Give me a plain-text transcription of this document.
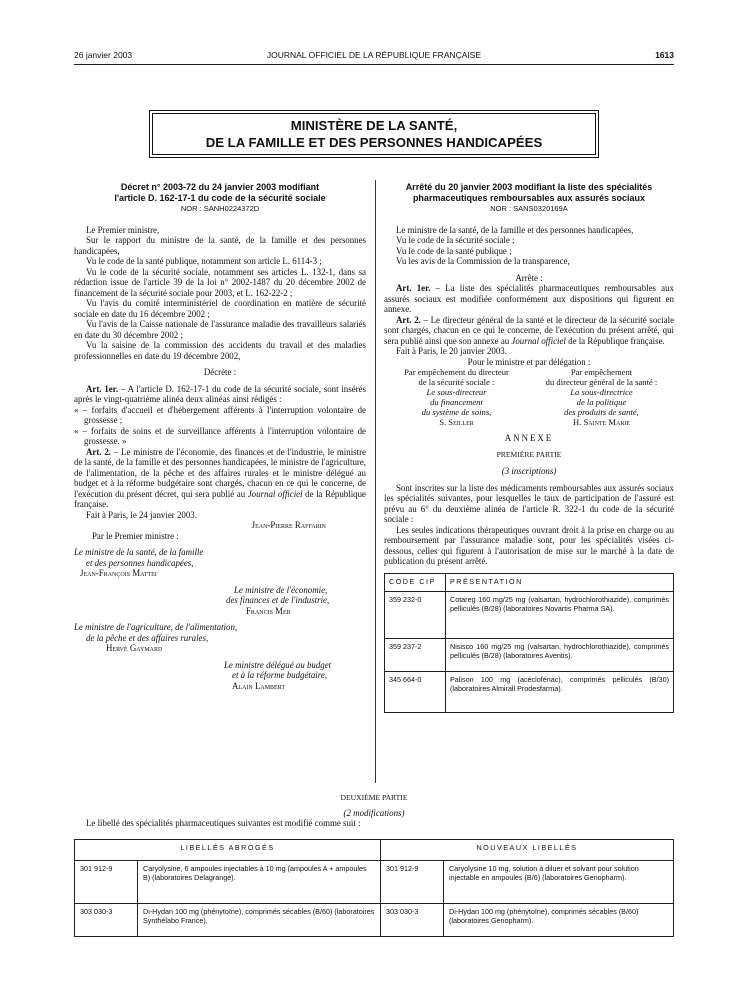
26 janvier 2003	JOURNAL OFFICIEL DE LA RÉPUBLIQUE FRANÇAISE	1613
MINISTÈRE DE LA SANTÉ,
DE LA FAMILLE ET DES PERSONNES HANDICAPÉES
Décret n° 2003-72 du 24 janvier 2003 modifiant
l'article D. 162-17-1 du code de la sécurité sociale
NOR : SANH0224372D

Le Premier ministre,

Sur le rapport du ministre de la santé, de la famille et des personnes handicapées,

Vu le code de la santé publique, notamment son article L. 6114-3 ;

Vu le code de la sécurité sociale, notamment ses articles L. 132-1, dans sa rédaction issue de l'article 39 de la loi n° 2002-1487 du 20 décembre 2002 de financement de la sécurité sociale pour 2003, et L. 162-22-2 ;

Vu l'avis du comité interministériel de coordination en matière de sécurité sociale en date du 16 décembre 2002 ;

Vu l'avis de la Caisse nationale de l'assurance maladie des travailleurs salariés en date du 30 décembre 2002 ;

Vu la saisine de la commission des accidents du travail et des maladies professionnelles en date du 19 décembre 2002,

Décrète :

Art. 1er. – A l'article D. 162-17-1 du code de la sécurité sociale, sont insérés après le vingt-quatrième alinéa deux alinéas ainsi rédigés :

« – forfaits d'accueil et d'hébergement afférents à l'interruption volontaire de grossesse ;

« – forfaits de soins et de surveillance afférents à l'interruption volontaire de grossesse. »

Art. 2. – Le ministre de l'économie, des finances et de l'industrie, le ministre de la santé, de la famille et des personnes handicapées, le ministre de l'agriculture, de l'alimentation, de la pêche et des affaires rurales et le ministre délégué au budget et à la réforme budgétaire sont chargés, chacun en ce qui le concerne, de l'exécution du présent décret, qui sera publié au Journal officiel de la République française.

Fait à Paris, le 24 janvier 2003.

Jean-Pierre Raffarin

Par le Premier ministre :

Le ministre de la santé, de la famille
et des personnes handicapées,
Jean-François Mattei
Le ministre de l'économie,
des finances et de l'industrie,
Francis Mer
Le ministre de l'agriculture, de l'alimentation,
de la pêche et des affaires rurales,
Hervé Gaymard
Le ministre délégué au budget
et à la réforme budgétaire,
Alain Lambert
Arrêté du 20 janvier 2003 modifiant la liste des spécialités
pharmaceutiques remboursables aux assurés sociaux
NOR : SANS0320169A

Le ministre de la santé, de la famille et des personnes handicapées,

Vu le code de la sécurité sociale ;

Vu le code de la santé publique ;

Vu les avis de la Commission de la transparence,

Arrête :

Art. 1er. – La liste des spécialités pharmaceutiques remboursables aux assurés sociaux est modifiée conformément aux dispositions qui figurent en annexe.

Art. 2. – Le directeur général de la santé et le directeur de la sécurité sociale sont chargés, chacun en ce qui le concerne, de l'exécution du présent arrêté, qui sera publié ainsi que son annexe au Journal officiel de la République française.

Fait à Paris, le 20 janvier 2003.

Pour le ministre et par délégation :

Par empêchement du directeur
de la sécurité sociale :
Le sous-directeur
du financement
du système de soins,
S. Seiller
Par empêchement
du directeur général de la santé :
La sous-directrice
de la politique
des produits de santé,
H. Sainte Marie

ANNEXE

PREMIÈRE PARTIE

(3 inscriptions)

Sont inscrites sur la liste des médicaments remboursables aux assurés sociaux les spécialités suivantes, pour lesquelles le taux de participation de l'assuré est prévu au 6° du deuxième alinéa de l'article R. 322-1 du code de la sécurité sociale :

Les seules indications thérapeutiques ouvrant droit à la prise en charge ou au remboursement par l'assurance maladie sont, pour les spécialités visées ci-dessous, celles qui figurent à l'autorisation de mise sur le marché à la date de publication du présent arrêté.

CODE CIP	PRÉSENTATION
359 232-0	Cotareg 160 mg/25 mg (valsartan, hydrochlorothiazide), comprimés pelliculés (B/28) (laboratoires Novartis Pharma SA).
359 237-2	Nisisco 160 mg/25 mg (valsartan, hydrochlorothiazide), comprimés pelliculés (B/28) (laboratoires Aventis).
345 664-0	Palison 100 mg (acéclofénac), comprimés pelliculés (B/30) (laboratoires Almirall Prodesfarma).

DEUXIÈME PARTIE

(2 modifications)

Le libellé des spécialités pharmaceutiques suivantes est modifié comme suit :

LIBELLÉS ABROGÉS		NOUVEAUX LIBELLÉS	
301 912-9	Caryolysine, 6 ampoules injectables à 10 mg (ampoules A + ampoules B) (laboratoires Delagrange).	301 912-9	Caryolysine 10 mg, solution à diluer et solvant pour solution injectable en ampoules (B/6) (laboratoires Genopharm).
303 030-3	Di-Hydan 100 mg (phénytoïne), comprimés sécables (B/60) (laboratoires Synthélabo France).	303 030-3	Di-Hydan 100 mg (phénytoïne), comprimés sécables (B/60) (laboratoires Genopharm).
